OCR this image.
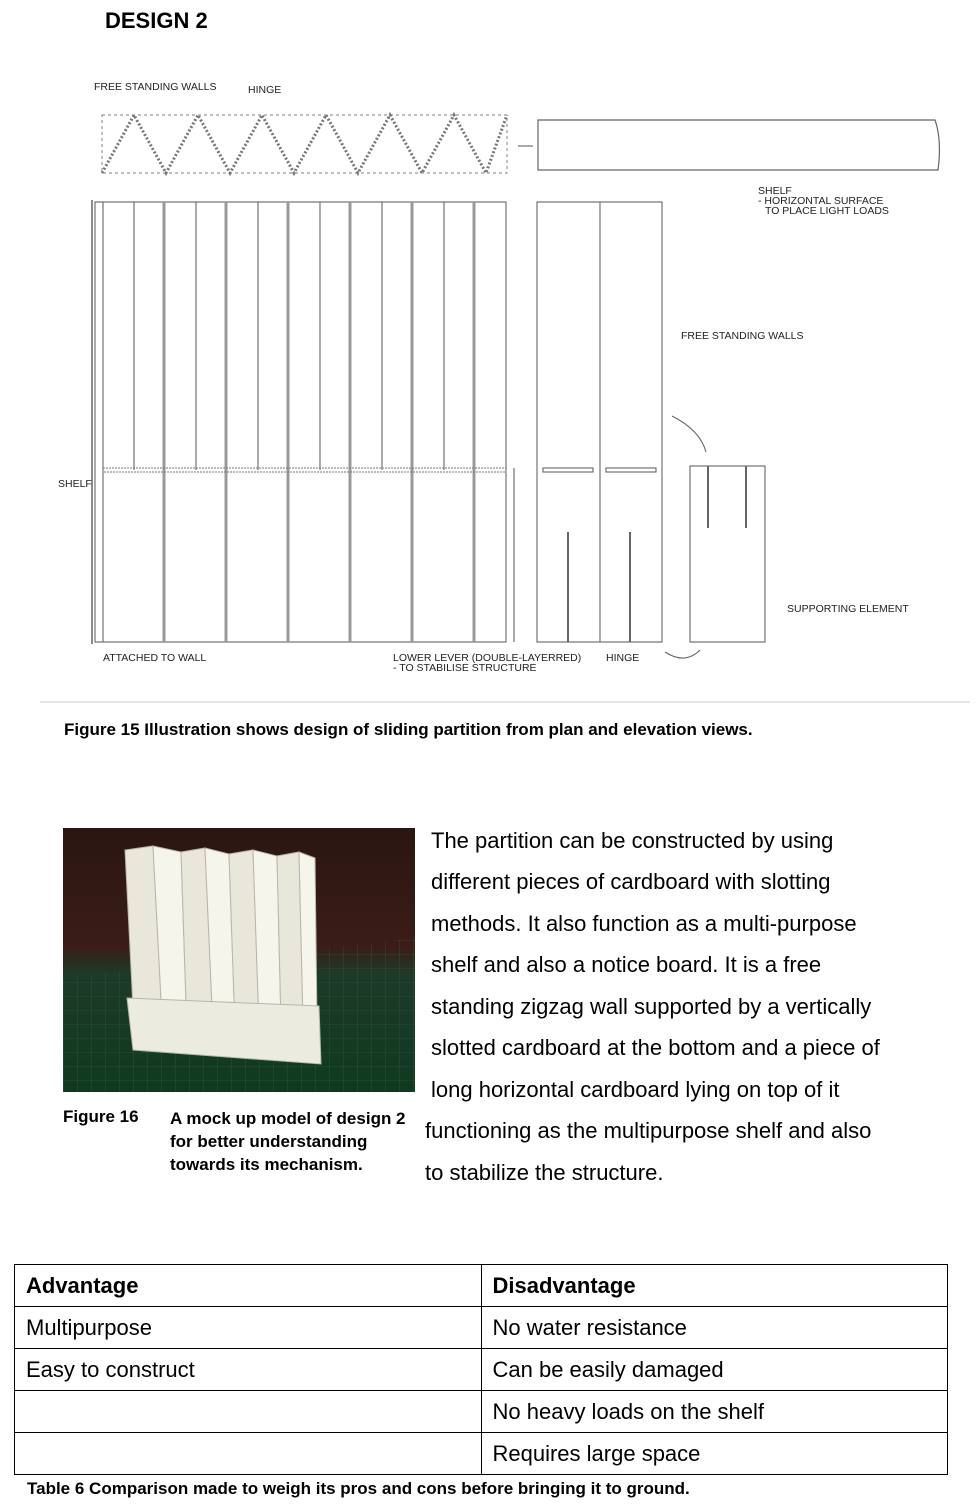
DESIGN 2
FREE STANDING WALLS	HINGE
SHELF
- HORIZONTAL SURFACE
TO PLACE LIGHT LOADS
FREE STANDING WALLS
SHELF
SUPPORTING ELEMENT
ATTACHED TO WALL	LOWER LEVER (DOUBLE-LAYERRED)
- TO STABILISE STRUCTURE
HINGE
Figure 15 Illustration shows design of sliding partition from plan and elevation views.
Figure 16 A mock up model of design 2 for better understanding towards its mechanism.
The partition can be constructed by using
different pieces of cardboard with slotting
methods. It also function as a multi-purpose
shelf and also a notice board. It is a free
standing zigzag wall supported by a vertically
slotted cardboard at the bottom and a piece of
long horizontal cardboard lying on top of it
functioning as the multipurpose shelf and also
to stabilize the structure.
Advantage	Disadvantage
Multipurpose	No water resistance
Easy to construct	Can be easily damaged
	No heavy loads on the shelf
	Requires large space
Table 6 Comparison made to weigh its pros and cons before bringing it to ground.
